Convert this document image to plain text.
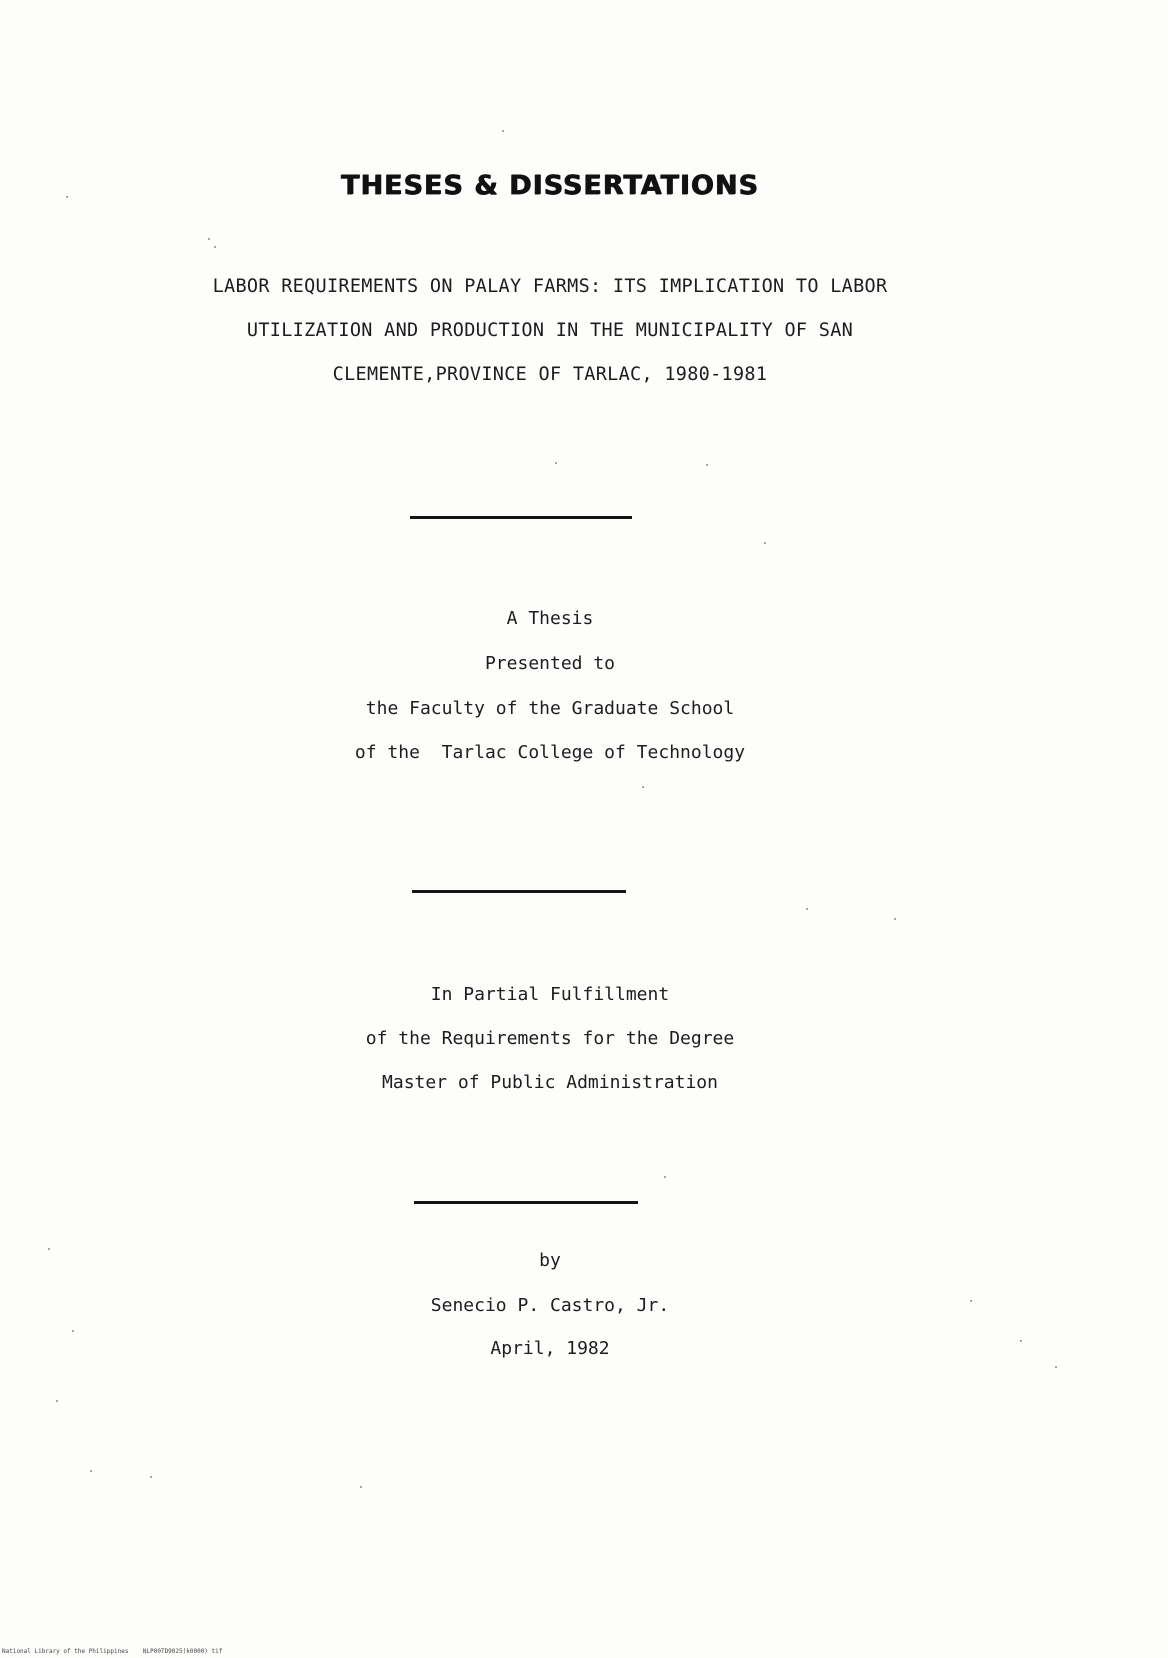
THESES & DISSERTATIONS
LABOR REQUIREMENTS ON PALAY FARMS: ITS IMPLICATION TO LABOR
UTILIZATION AND PRODUCTION IN THE MUNICIPALITY OF SAN
CLEMENTE,PROVINCE OF TARLAC, 1980-1981
A Thesis
Presented to
the Faculty of the Graduate School
of the  Tarlac College of Technology
In Partial Fulfillment
of the Requirements for the Degree
Master of Public Administration
by
Senecio P. Castro, Jr.
April, 1982
National Library of the Philippines NLP00TD9025(k0000) tif
